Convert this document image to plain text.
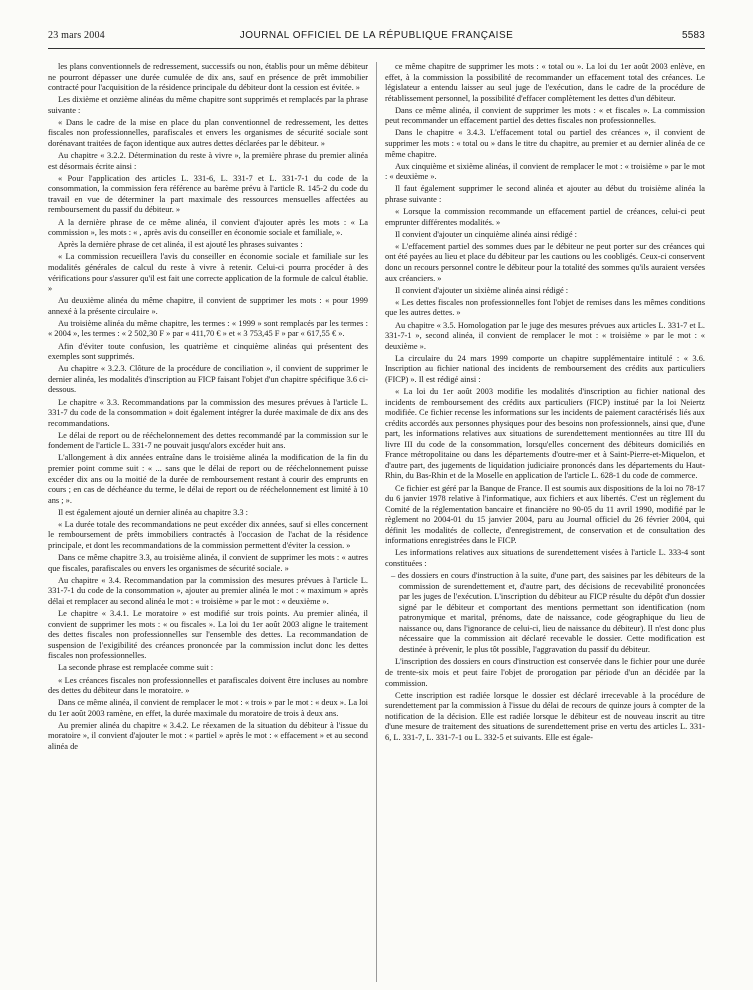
23 mars 2004	JOURNAL OFFICIEL DE LA RÉPUBLIQUE FRANÇAISE	5583

les plans conventionnels de redressement, successifs ou non, établis pour un même débiteur ne pourront dépasser une durée cumulée de dix ans, sauf en présence de prêt immobilier contracté pour l'acquisition de la résidence principale du débiteur dont la cession est évitée. »

Les dixième et onzième alinéas du même chapitre sont supprimés et remplacés par la phrase suivante :

« Dans le cadre de la mise en place du plan conventionnel de redressement, les dettes fiscales non professionnelles, parafiscales et envers les organismes de sécurité sociale sont dorénavant traitées de façon identique aux autres dettes déclarées par le débiteur. »

Au chapitre « 3.2.2. Détermination du reste à vivre », la première phrase du premier alinéa est désormais écrite ainsi :

« Pour l'application des articles L. 331-6, L. 331-7 et L. 331-7-1 du code de la consommation, la commission fera référence au barème prévu à l'article R. 145-2 du code du travail en vue de déterminer la part maximale des ressources mensuelles affectées au remboursement du passif du débiteur. »

A la dernière phrase de ce même alinéa, il convient d'ajouter après les mots : « La commission », les mots : « , après avis du conseiller en économie sociale et familiale, ».

Après la dernière phrase de cet alinéa, il est ajouté les phrases suivantes :

« La commission recueillera l'avis du conseiller en économie sociale et familiale sur les modalités générales de calcul du reste à vivre à retenir. Celui-ci pourra procéder à des vérifications pour s'assurer qu'il est fait une correcte application de la formule de calcul établie. »

Au deuxième alinéa du même chapitre, il convient de supprimer les mots : « pour 1999 annexé à la présente circulaire ».

Au troisième alinéa du même chapitre, les termes : « 1999 » sont remplacés par les termes : « 2004 », les termes : « 2 502,30 F » par « 411,70 € » et « 3 753,45 F » par « 617,55 € ».

Afin d'éviter toute confusion, les quatrième et cinquième alinéas qui présentent des exemples sont supprimés.

Au chapitre « 3.2.3. Clôture de la procédure de conciliation », il convient de supprimer le dernier alinéa, les modalités d'inscription au FICP faisant l'objet d'un chapitre spécifique 3.6 ci-dessous.

Le chapitre « 3.3. Recommandations par la commission des mesures prévues à l'article L. 331-7 du code de la consommation » doit également intégrer la durée maximale de dix ans des recommandations.

Le délai de report ou de rééchelonnement des dettes recommandé par la commission sur le fondement de l'article L. 331-7 ne pouvait jusqu'alors excéder huit ans.

L'allongement à dix années entraîne dans le troisième alinéa la modification de la fin du premier point comme suit : « ... sans que le délai de report ou de rééchelonnement puisse excéder dix ans ou la moitié de la durée de remboursement restant à courir des emprunts en cours ; en cas de déchéance du terme, le délai de report ou de rééchelonnement est limité à 10 ans ; ».

Il est également ajouté un dernier alinéa au chapitre 3.3 :

« La durée totale des recommandations ne peut excéder dix années, sauf si elles concernent le remboursement de prêts immobiliers contractés à l'occasion de l'achat de la résidence principale, et dont les recommandations de la commission permettent d'éviter la cession. »

Dans ce même chapitre 3.3, au troisième alinéa, il convient de supprimer les mots : « autres que fiscales, parafiscales ou envers les organismes de sécurité sociale. »

Au chapitre « 3.4. Recommandation par la commission des mesures prévues à l'article L. 331-7-1 du code de la consommation », ajouter au premier alinéa le mot : « maximum » après délai et remplacer au second alinéa le mot : « troisième » par le mot : « deuxième ».

Le chapitre « 3.4.1. Le moratoire » est modifié sur trois points. Au premier alinéa, il convient de supprimer les mots : « ou fiscales ». La loi du 1er août 2003 aligne le traitement des dettes fiscales non professionnelles sur l'ensemble des dettes. La recommandation de suspension de l'exigibilité des créances prononcée par la commission inclut donc les dettes fiscales non professionnelles.

La seconde phrase est remplacée comme suit :

« Les créances fiscales non professionnelles et parafiscales doivent être incluses au nombre des dettes du débiteur dans le moratoire. »

Dans ce même alinéa, il convient de remplacer le mot : « trois » par le mot : « deux ». La loi du 1er août 2003 ramène, en effet, la durée maximale du moratoire de trois à deux ans.

Au premier alinéa du chapitre « 3.4.2. Le réexamen de la situation du débiteur à l'issue du moratoire », il convient d'ajouter le mot : « partiel » après le mot : « effacement » et au second alinéa de

ce même chapitre de supprimer les mots : « total ou ». La loi du 1er août 2003 enlève, en effet, à la commission la possibilité de recommander un effacement total des créances. Le législateur a entendu laisser au seul juge de l'exécution, dans le cadre de la procédure de rétablissement personnel, la possibilité d'effacer complètement les dettes d'un débiteur.

Dans ce même alinéa, il convient de supprimer les mots : « et fiscales ». La commission peut recommander un effacement partiel des dettes fiscales non professionnelles.

Dans le chapitre « 3.4.3. L'effacement total ou partiel des créances », il convient de supprimer les mots : « total ou » dans le titre du chapitre, au premier et au dernier alinéa de ce même chapitre.

Aux cinquième et sixième alinéas, il convient de remplacer le mot : « troisième » par le mot : « deuxième ».

Il faut également supprimer le second alinéa et ajouter au début du troisième alinéa la phrase suivante :

« Lorsque la commission recommande un effacement partiel de créances, celui-ci peut emprunter différentes modalités. »

Il convient d'ajouter un cinquième alinéa ainsi rédigé :

« L'effacement partiel des sommes dues par le débiteur ne peut porter sur des créances qui ont été payées au lieu et place du débiteur par les cautions ou les coobligés. Ceux-ci conservent donc un recours personnel contre le débiteur pour la totalité des sommes qu'ils auraient versées aux créanciers. »

Il convient d'ajouter un sixième alinéa ainsi rédigé :

« Les dettes fiscales non professionnelles font l'objet de remises dans les mêmes conditions que les autres dettes. »

Au chapitre « 3.5. Homologation par le juge des mesures prévues aux articles L. 331-7 et L. 331-7-1 », second alinéa, il convient de remplacer le mot : « troisième » par le mot : « deuxième ».

La circulaire du 24 mars 1999 comporte un chapitre supplémentaire intitulé : « 3.6. Inscription au fichier national des incidents de remboursement des crédits aux particuliers (FICP) ». Il est rédigé ainsi :

« La loi du 1er août 2003 modifie les modalités d'inscription au fichier national des incidents de remboursement des crédits aux particuliers (FICP) institué par la loi Neiertz modifiée. Ce fichier recense les informations sur les incidents de paiement caractérisés liés aux crédits accordés aux personnes physiques pour des besoins non professionnels, ainsi que, d'une part, les informations relatives aux situations de surendettement mentionnées au titre III du livre III du code de la consommation, lorsqu'elles concernent des débiteurs domiciliés en France métropolitaine ou dans les départements d'outre-mer et à Saint-Pierre-et-Miquelon, et d'autre part, des jugements de liquidation judiciaire prononcés dans les départements du Haut-Rhin, du Bas-Rhin et de la Moselle en application de l'article L. 628-1 du code de commerce.

Ce fichier est géré par la Banque de France. Il est soumis aux dispositions de la loi no 78-17 du 6 janvier 1978 relative à l'informatique, aux fichiers et aux libertés. C'est un règlement du Comité de la réglementation bancaire et financière no 90-05 du 11 avril 1990, modifié par le règlement no 2004-01 du 15 janvier 2004, paru au Journal officiel du 26 février 2004, qui définit les modalités de collecte, d'enregistrement, de conservation et de consultation des informations enregistrées dans le FICP.

Les informations relatives aux situations de surendettement visées à l'article L. 333-4 sont constituées :

– des dossiers en cours d'instruction à la suite, d'une part, des saisines par les débiteurs de la commission de surendettement et, d'autre part, des décisions de recevabilité prononcées par les juges de l'exécution. L'inscription du débiteur au FICP résulte du dépôt d'un dossier signé par le débiteur et comportant des mentions permettant son identification (nom patronymique et marital, prénoms, date de naissance, code géographique du lieu de naissance ou, dans l'ignorance de celui-ci, lieu de naissance du débiteur). Il n'est donc plus nécessaire que la commission ait déclaré recevable le dossier. Cette modification est destinée à prévenir, le plus tôt possible, l'aggravation du passif du débiteur.

L'inscription des dossiers en cours d'instruction est conservée dans le fichier pour une durée de trente-six mois et peut faire l'objet de prorogation par période d'un an décidée par la commission.

Cette inscription est radiée lorsque le dossier est déclaré irrecevable à la procédure de surendettement par la commission à l'issue du délai de recours de quinze jours à compter de la notification de la décision. Elle est radiée lorsque le débiteur est de nouveau inscrit au titre d'une mesure de traitement des situations de surendettement prise en vertu des articles L. 331-6, L. 331-7, L. 331-7-1 ou L. 332-5 et suivants. Elle est égale-
